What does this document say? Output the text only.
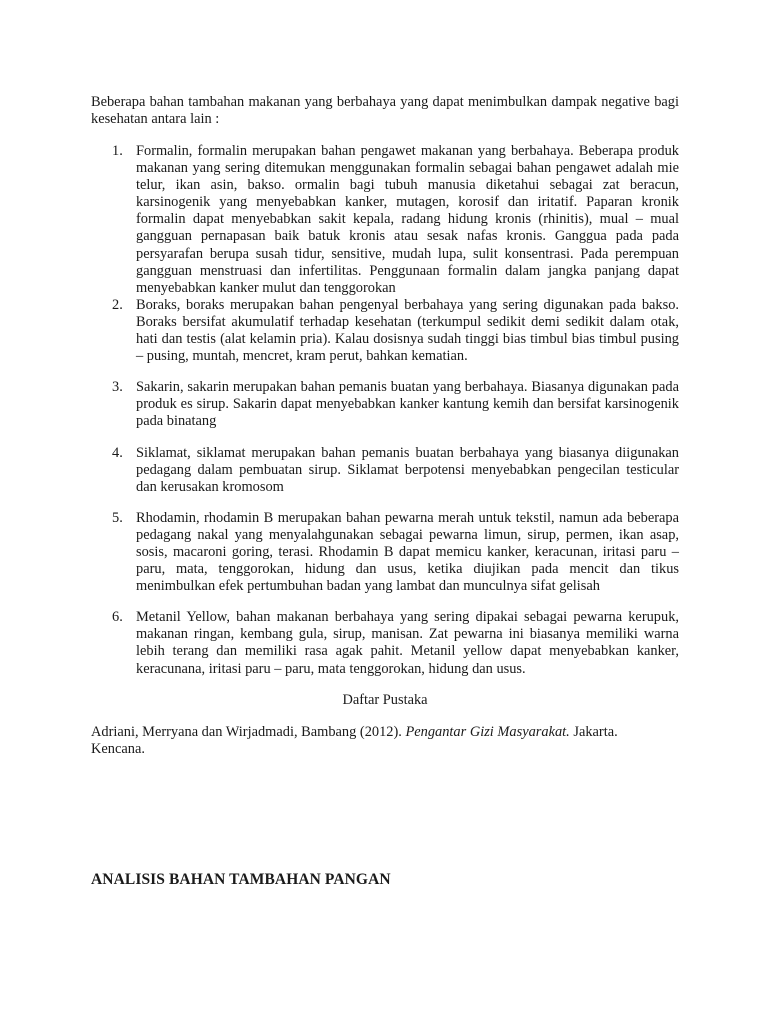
Beberapa bahan tambahan makanan yang berbahaya yang dapat menimbulkan dampak negative bagi kesehatan antara lain :

1. Formalin, formalin merupakan bahan pengawet makanan yang berbahaya. Beberapa produk makanan yang sering ditemukan menggunakan formalin sebagai bahan pengawet adalah mie telur, ikan asin, bakso. ormalin bagi tubuh manusia diketahui sebagai zat beracun, karsinogenik yang menyebabkan kanker, mutagen, korosif dan iritatif. Paparan kronik formalin dapat menyebabkan sakit kepala, radang hidung kronis (rhinitis), mual – mual gangguan pernapasan baik batuk kronis atau sesak nafas kronis. Ganggua pada pada persyarafan berupa susah tidur, sensitive, mudah lupa, sulit konsentrasi. Pada perempuan gangguan menstruasi dan infertilitas. Penggunaan formalin dalam jangka panjang dapat menyebabkan kanker mulut dan tenggorokan
2. Boraks, boraks merupakan bahan pengenyal berbahaya yang sering digunakan pada bakso. Boraks bersifat akumulatif terhadap kesehatan (terkumpul sedikit demi sedikit dalam otak, hati dan testis (alat kelamin pria). Kalau dosisnya sudah tinggi bias timbul bias timbul pusing – pusing, muntah, mencret, kram perut, bahkan kematian.
3. Sakarin, sakarin merupakan bahan pemanis buatan yang berbahaya. Biasanya digunakan pada produk es sirup. Sakarin dapat menyebabkan kanker kantung kemih dan bersifat karsinogenik pada binatang
4. Siklamat, siklamat merupakan bahan pemanis buatan berbahaya yang biasanya diigunakan pedagang dalam pembuatan sirup. Siklamat berpotensi menyebabkan pengecilan testicular dan kerusakan kromosom
5. Rhodamin, rhodamin B merupakan bahan pewarna merah untuk tekstil, namun ada beberapa pedagang nakal yang menyalahgunakan sebagai pewarna limun, sirup, permen, ikan asap, sosis, macaroni goring, terasi. Rhodamin B dapat memicu kanker, keracunan, iritasi paru – paru, mata, tenggorokan, hidung dan usus, ketika diujikan pada mencit dan tikus menimbulkan efek pertumbuhan badan yang lambat dan munculnya sifat gelisah
6. Metanil Yellow, bahan makanan berbahaya yang sering dipakai sebagai pewarna kerupuk, makanan ringan, kembang gula, sirup, manisan. Zat pewarna ini biasanya memiliki warna lebih terang dan memiliki rasa agak pahit. Metanil yellow dapat menyebabkan kanker, keracunana, iritasi paru – paru, mata tenggorokan, hidung dan usus.

Daftar Pustaka

Adriani, Merryana dan Wirjadmadi, Bambang (2012). Pengantar Gizi Masyarakat. Jakarta. Kencana.

ANALISIS BAHAN TAMBAHAN PANGAN
